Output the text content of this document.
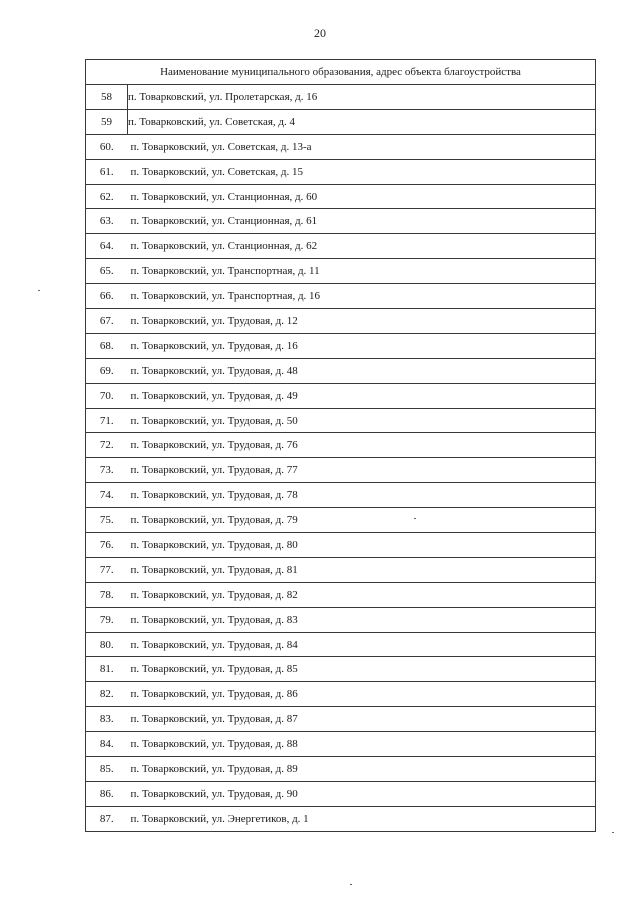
20
Наименование муниципального образования, адрес объекта благоустройства	
58	п. Товарковский, ул. Пролетарская, д. 16
59	п. Товарковский, ул. Советская, д. 4
60.	п. Товарковский, ул. Советская, д. 13-а
61.	п. Товарковский, ул. Советская, д. 15
62.	п. Товарковский, ул. Станционная, д. 60
63.	п. Товарковский, ул. Станционная, д. 61
64.	п. Товарковский, ул. Станционная, д. 62
65.	п. Товарковский, ул. Транспортная, д. 11
66.	п. Товарковский, ул. Транспортная, д. 16
67.	п. Товарковский, ул. Трудовая, д. 12
68.	п. Товарковский, ул. Трудовая, д. 16
69.	п. Товарковский, ул. Трудовая, д. 48
70.	п. Товарковский, ул. Трудовая, д. 49
71.	п. Товарковский, ул. Трудовая, д. 50
72.	п. Товарковский, ул. Трудовая, д. 76
73.	п. Товарковский, ул. Трудовая, д. 77
74.	п. Товарковский, ул. Трудовая, д. 78
75.	п. Товарковский, ул. Трудовая, д. 79
76.	п. Товарковский, ул. Трудовая, д. 80
77.	п. Товарковский, ул. Трудовая, д. 81
78.	п. Товарковский, ул. Трудовая, д. 82
79.	п. Товарковский, ул. Трудовая, д. 83
80.	п. Товарковский, ул. Трудовая, д. 84
81.	п. Товарковский, ул. Трудовая, д. 85
82.	п. Товарковский, ул. Трудовая, д. 86
83.	п. Товарковский, ул. Трудовая, д. 87
84.	п. Товарковский, ул. Трудовая, д. 88
85.	п. Товарковский, ул. Трудовая, д. 89
86.	п. Товарковский, ул. Трудовая, д. 90
87.	п. Товарковский, ул. Энергетиков, д. 1
